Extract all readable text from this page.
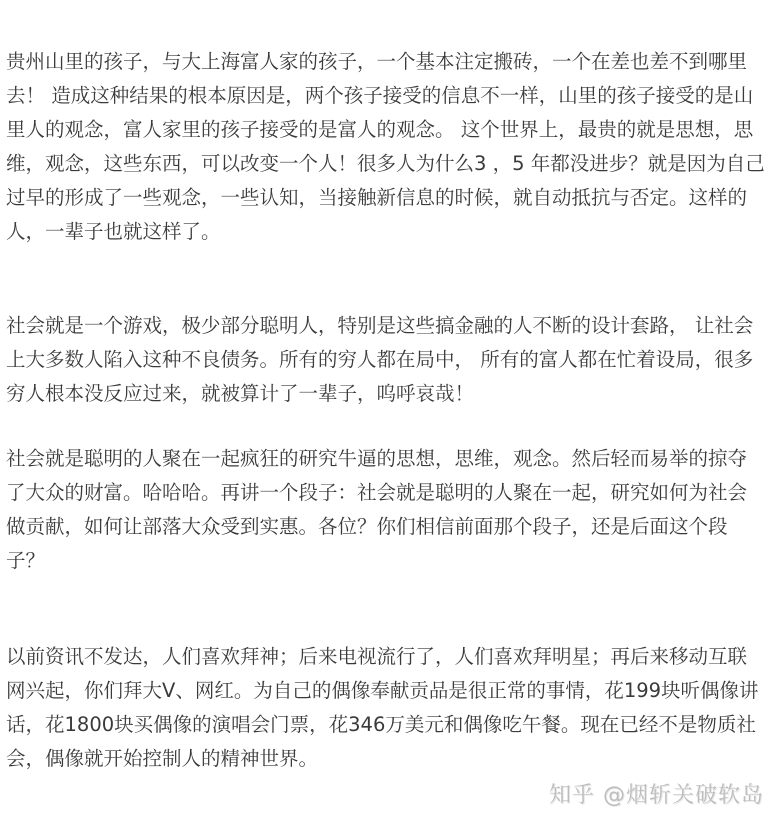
贵州山里的孩子，与大上海富人家的孩子，一个基本注定搬砖，一个在差也差不到哪里
去！ 造成这种结果的根本原因是，两个孩子接受的信息不一样，山里的孩子接受的是山
里人的观念，富人家里的孩子接受的是富人的观念。 这个世界上，最贵的就是思想，思
维，观念，这些东西，可以改变一个人！很多人为什么3 ，5 年都没进步？就是因为自己
过早的形成了一些观念，一些认知，当接触新信息的时候，就自动抵抗与否定。这样的
人，一辈子也就这样了。
社会就是一个游戏，极少部分聪明人，特别是这些搞金融的人不断的设计套路， 让社会
上大多数人陷入这种不良债务。所有的穷人都在局中， 所有的富人都在忙着设局，很多
穷人根本没反应过来，就被算计了一辈子，呜呼哀哉！
社会就是聪明的人聚在一起疯狂的研究牛逼的思想，思维，观念。然后轻而易举的掠夺
了大众的财富。哈哈哈。再讲一个段子：社会就是聪明的人聚在一起，研究如何为社会
做贡献，如何让部落大众受到实惠。各位？你们相信前面那个段子，还是后面这个段
子？
以前资讯不发达，人们喜欢拜神；后来电视流行了，人们喜欢拜明星；再后来移动互联
网兴起，你们拜大V、网红。为自己的偶像奉献贡品是很正常的事情，花199块听偶像讲
话，花1800块买偶像的演唱会门票，花346万美元和偶像吃午餐。现在已经不是物质社
会，偶像就开始控制人的精神世界。
知乎 @烟斩关破软岛
